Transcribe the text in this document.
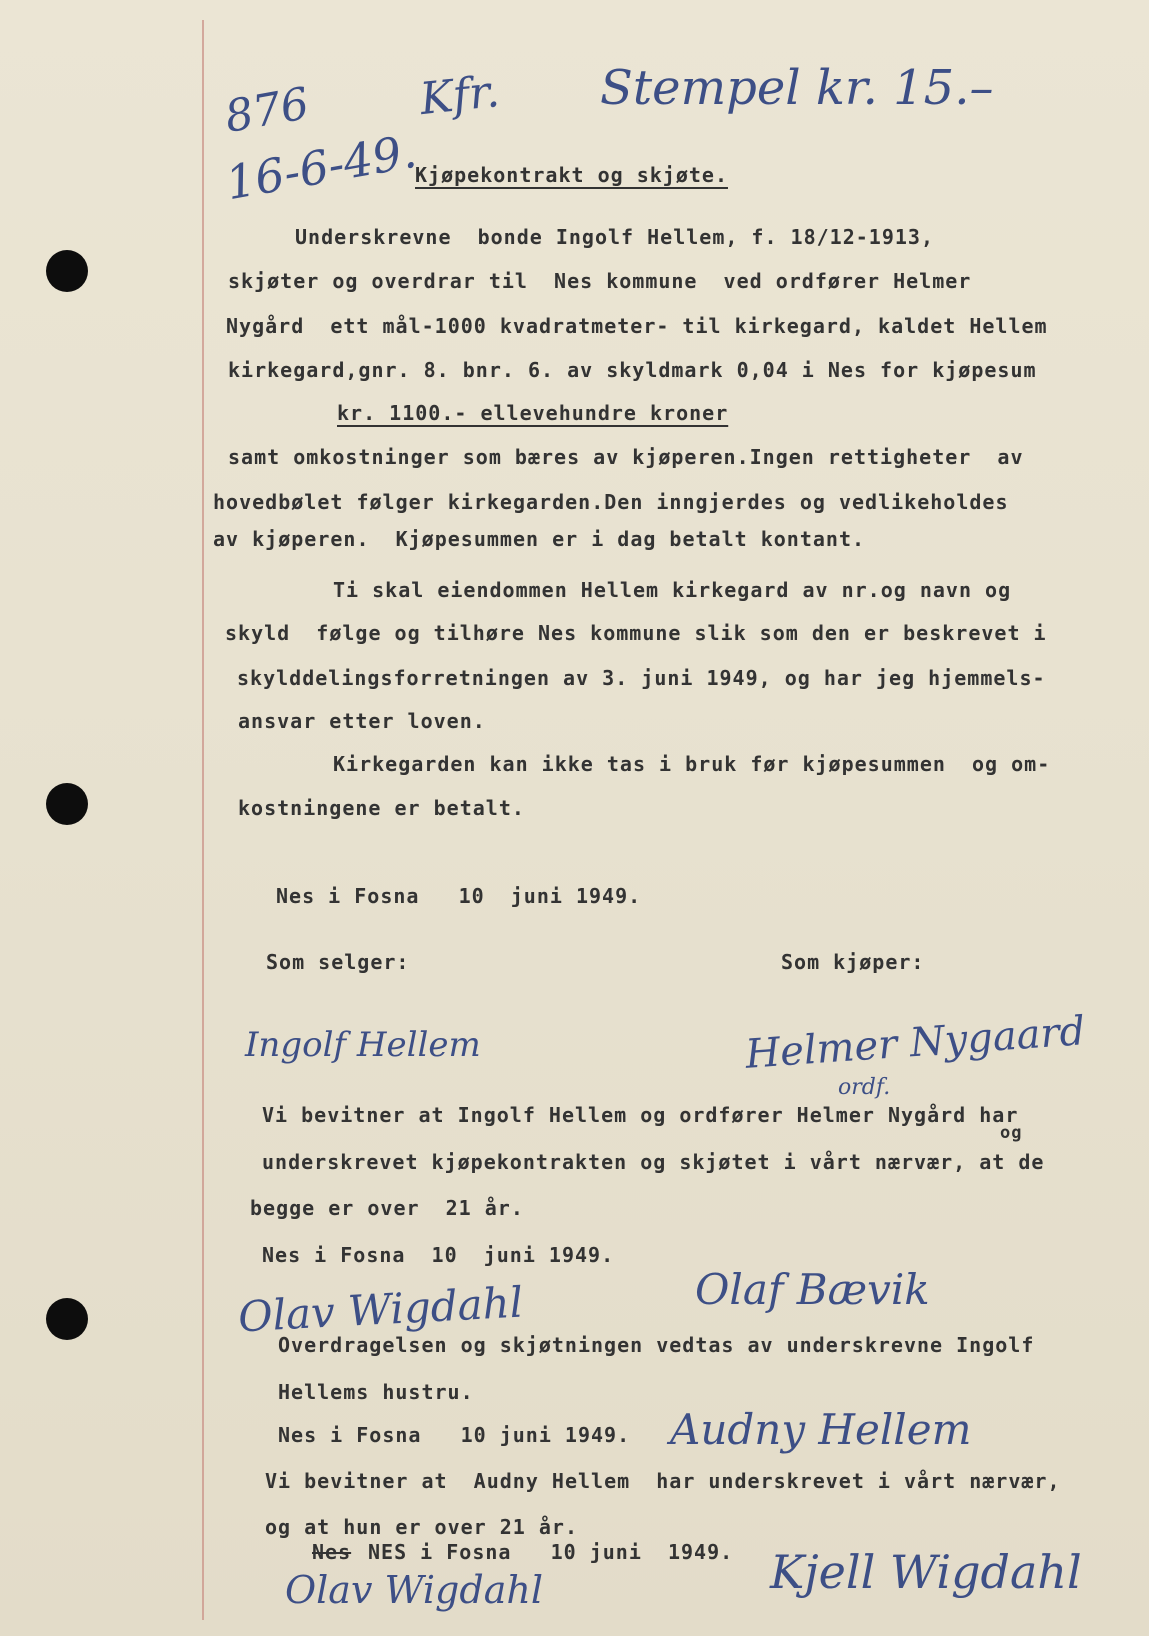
876
16-6-49.
Kfr. Stempel kr. 15.–
Kjøpekontrakt og skjøte.
Underskrevne  bonde Ingolf Hellem, f. 18/12-1913,
skjøter og overdrar til  Nes kommune  ved ordfører Helmer
Nygård  ett mål-1000 kvadratmeter- til kirkegard, kaldet Hellem
kirkegard,gnr. 8. bnr. 6. av skyldmark 0,04 i Nes for kjøpesum
kr. 1100.- ellevehundre kroner
samt omkostninger som bæres av kjøperen.Ingen rettigheter  av
hovedbølet følger kirkegarden.Den inngjerdes og vedlikeholdes
av kjøperen.  Kjøpesummen er i dag betalt kontant.
Ti skal eiendommen Hellem kirkegard av nr.og navn og
skyld  følge og tilhøre Nes kommune slik som den er beskrevet i
skylddelingsforretningen av 3. juni 1949, og har jeg hjemmels-
ansvar etter loven.
Kirkegarden kan ikke tas i bruk før kjøpesummen  og om-
kostningene er betalt.
Nes i Fosna   10  juni 1949.
Som selger:	Som kjøper:
Ingolf Hellem	Helmer Nygaard
ordf.
Vi bevitner at Ingolf Hellem og ordfører Helmer Nygård har
og
underskrevet kjøpekontrakten og skjøtet i vårt nærvær, at de
begge er over  21 år.
Nes i Fosna  10  juni 1949.
Olav Wigdahl	Olaf Bævik
Overdragelsen og skjøtningen vedtas av underskrevne Ingolf
Hellems hustru.
Nes i Fosna   10 juni 1949. Audny Hellem
Vi bevitner at  Audny Hellem  har underskrevet i vårt nærvær,
og at hun er over 21 år.
Nes NES i Fosna   10 juni  1949.
Olav Wigdahl	Kjell Wigdahl
